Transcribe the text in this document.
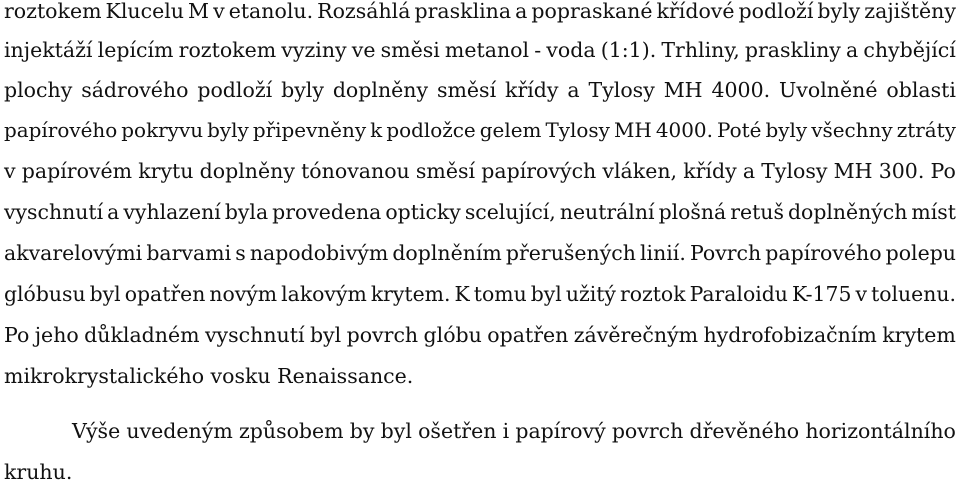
roztokem Klucelu M v etanolu. Rozsáhlá prasklina a popraskané křídové podloží byly zajištěny
injektáží lepícím roztokem vyziny ve směsi metanol - voda (1:1). Trhliny, praskliny a chybějící
plochy sádrového podloží byly doplněny směsí křídy a Tylosy MH 4000. Uvolněné oblasti
papírového pokryvu byly připevněny k podložce gelem Tylosy MH 4000. Poté byly všechny ztráty
v papírovém krytu doplněny tónovanou směsí papírových vláken, křídy a Tylosy MH 300. Po
vyschnutí a vyhlazení byla provedena opticky scelující, neutrální plošná retuš doplněných míst
akvarelovými barvami s napodobivým doplněním přerušených linií. Povrch papírového polepu
glóbusu byl opatřen novým lakovým krytem. K tomu byl užitý roztok Paraloidu K-175 v toluenu.
Po jeho důkladném vyschnutí byl povrch glóbu opatřen závěrečným hydrofobizačním krytem
mikrokrystalického vosku Renaissance.
Výše uvedeným způsobem by byl ošetřen i papírový povrch dřevěného horizontálního
kruhu.
